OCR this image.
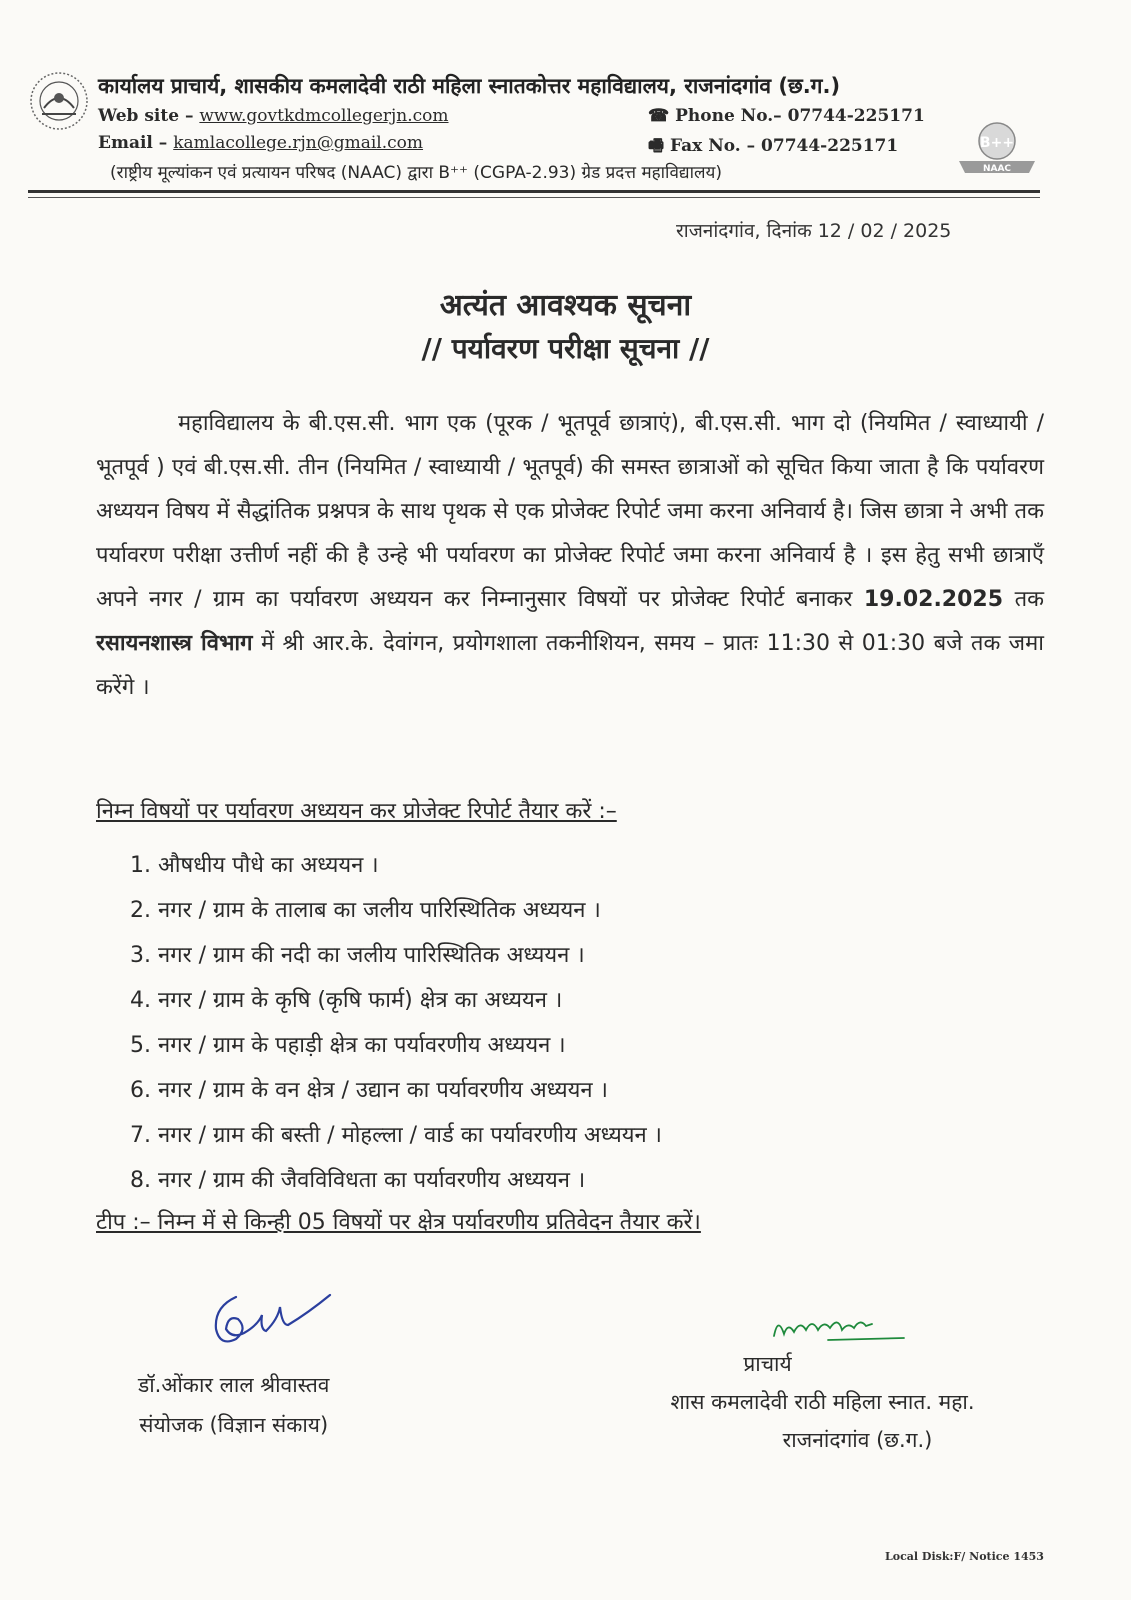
कार्यालय प्राचार्य, शासकीय कमलादेवी राठी महिला स्नातकोत्तर महाविद्यालय, राजनांदगांव (छ.ग.)
Web site – www.govtkdmcollegerjn.com
Email – kamlacollege.rjn@gmail.com
☎ Phone No.– 07744-225171
🖷 Fax No. – 07744-225171	B++
NAAC
(राष्ट्रीय मूल्यांकन एवं प्रत्यायन परिषद (NAAC) द्वारा B⁺⁺ (CGPA-2.93) ग्रेड प्रदत्त महाविद्यालय)
राजनांदगांव, दिनांक 12 / 02 / 2025
अत्यंत आवश्यक सूचना
// पर्यावरण परीक्षा सूचना //
महाविद्यालय के बी.एस.सी. भाग एक (पूरक / भूतपूर्व छात्राएं), बी.एस.सी. भाग दो (नियमित / स्वाध्यायी / भूतपूर्व ) एवं बी.एस.सी. तीन (नियमित / स्वाध्यायी / भूतपूर्व) की समस्त छात्राओं को सूचित किया जाता है कि पर्यावरण अध्ययन विषय में सैद्धांतिक प्रश्नपत्र के साथ पृथक से एक प्रोजेक्ट रिपोर्ट जमा करना अनिवार्य है। जिस छात्रा ने अभी तक पर्यावरण परीक्षा उत्तीर्ण नहीं की है उन्हे भी पर्यावरण का प्रोजेक्ट रिपोर्ट जमा करना अनिवार्य है । इस हेतु सभी छात्राएँ अपने नगर / ग्राम का पर्यावरण अध्ययन कर निम्नानुसार विषयों पर प्रोजेक्ट रिपोर्ट बनाकर 19.02.2025 तक रसायनशास्त्र विभाग में श्री आर.के. देवांगन, प्रयोगशाला तकनीशियन, समय – प्रातः 11:30 से 01:30 बजे तक जमा करेंगे ।
निम्न विषयों पर पर्यावरण अध्ययन कर प्रोजेक्ट रिपोर्ट तैयार करें :–
1. औषधीय पौधे का अध्ययन ।
2. नगर / ग्राम के तालाब का जलीय पारिस्थितिक अध्ययन ।
3. नगर / ग्राम की नदी का जलीय पारिस्थितिक अध्ययन ।
4. नगर / ग्राम के कृषि (कृषि फार्म) क्षेत्र का अध्ययन ।
5. नगर / ग्राम के पहाड़ी क्षेत्र का पर्यावरणीय अध्ययन ।
6. नगर / ग्राम के वन क्षेत्र / उद्यान का पर्यावरणीय अध्ययन ।
7. नगर / ग्राम की बस्ती / मोहल्ला / वार्ड का पर्यावरणीय अध्ययन ।
8. नगर / ग्राम की जैवविविधता का पर्यावरणीय अध्ययन ।
टीप :– निम्न में से किन्ही 05 विषयों पर क्षेत्र पर्यावरणीय प्रतिवेदन तैयार करें।
डॉ.ओंकार लाल श्रीवास्तव
संयोजक (विज्ञान संकाय)
प्राचार्य
शास कमलादेवी राठी महिला स्नात. महा.
राजनांदगांव (छ.ग.)
Local Disk:F/ Notice 1453
